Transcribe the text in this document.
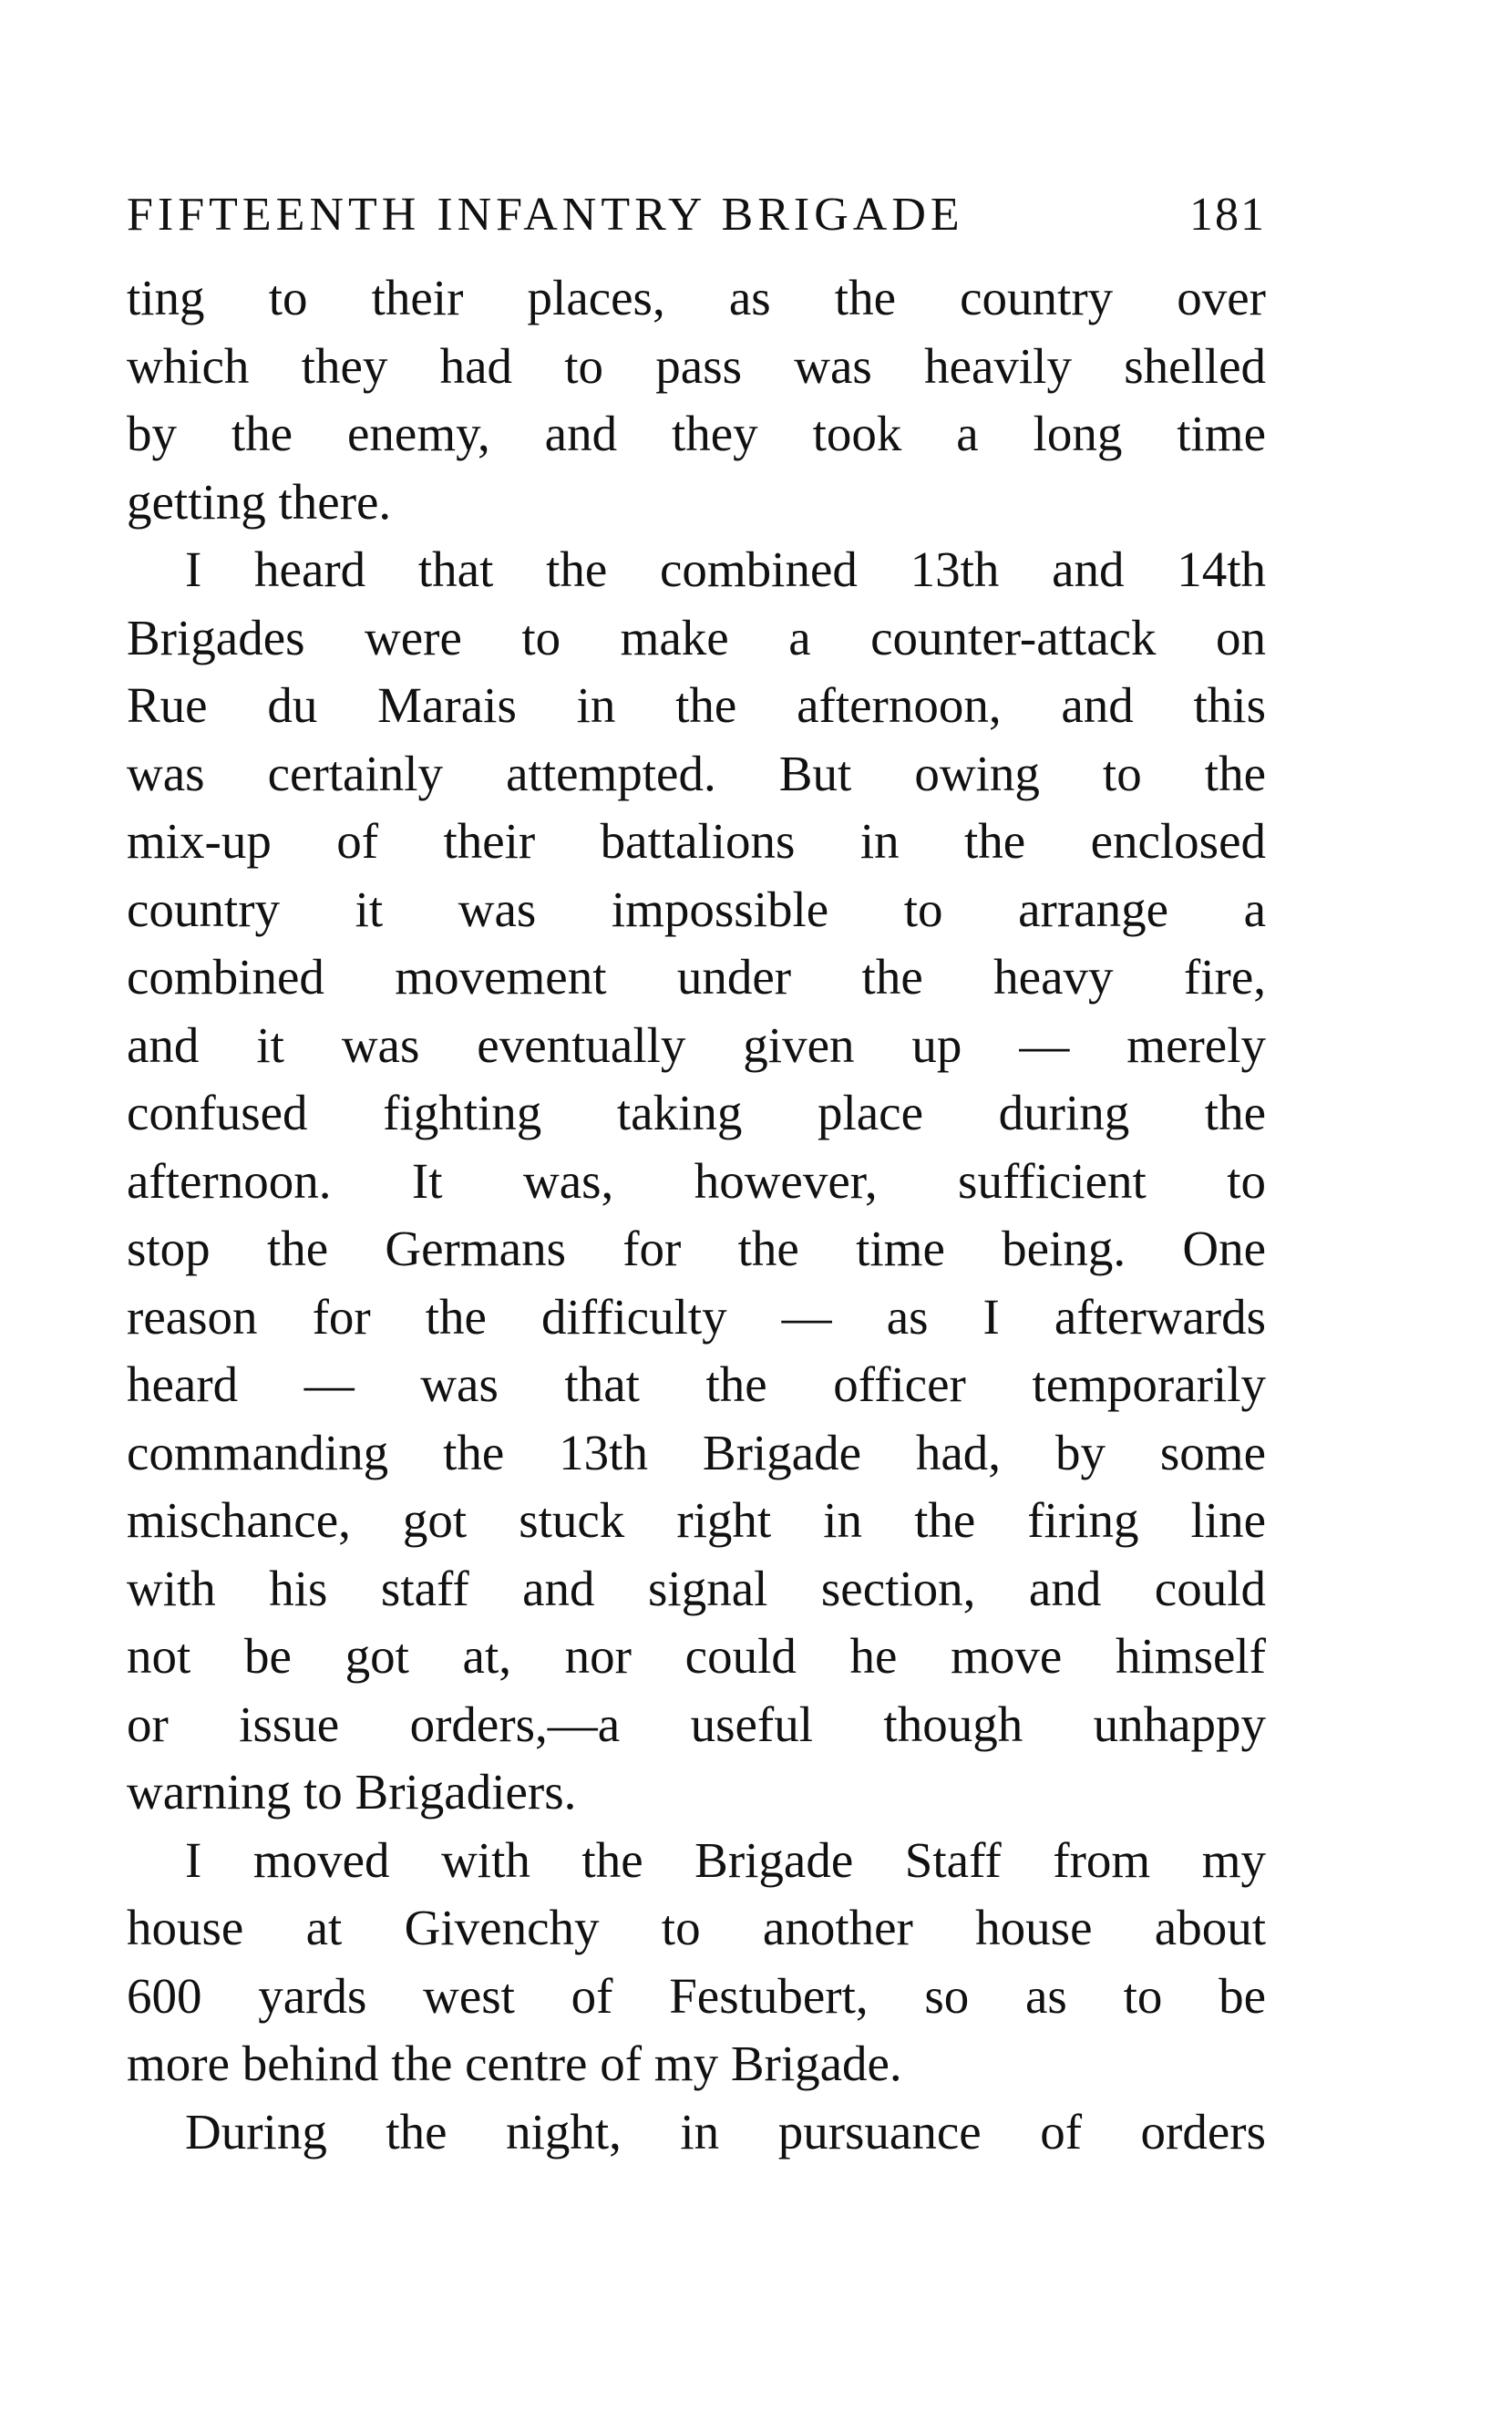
FIFTEENTH INFANTRY BRIGADE	181
ting to their places, as the country over
which they had to pass was heavily shelled
by the enemy, and they took a long time
getting there.
I heard that the combined 13th and 14th
Brigades were to make a counter-attack on
Rue du Marais in the afternoon, and this
was certainly attempted. But owing to the
mix-up of their battalions in the enclosed
country it was impossible to arrange a
combined movement under the heavy fire,
and it was eventually given up — merely
confused fighting taking place during the
afternoon. It was, however, sufficient to
stop the Germans for the time being. One
reason for the difficulty — as I afterwards
heard — was that the officer temporarily
commanding the 13th Brigade had, by some
mischance, got stuck right in the firing line
with his staff and signal section, and could
not be got at, nor could he move himself
or issue orders,—a useful though unhappy
warning to Brigadiers.
I moved with the Brigade Staff from my
house at Givenchy to another house about
600 yards west of Festubert, so as to be
more behind the centre of my Brigade.
During the night, in pursuance of orders
